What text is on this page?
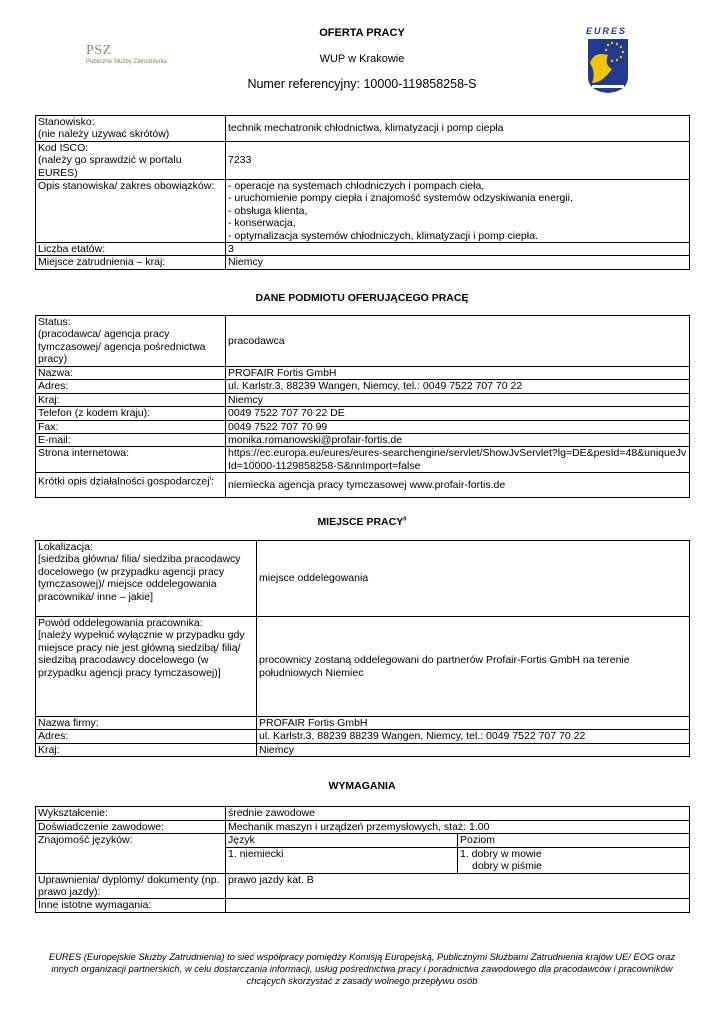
OFERTA PRACY
WUP w Krakowie
Numer referencyjny: 10000-119858258-S
PSZ
Publiczne Służby Zatrudnienia
EURES
Stanowisko:
(nie należy używać skrótów)	technik mechatronik chłodnictwa, klimatyzacji i pomp ciepła
Kod ISCO:
(należy go sprawdzić w portalu EURES)	7233
Opis stanowiska/ zakres obowiązków:	- operacje na systemach chłodniczych i pompach cieła,
- uruchomienie pompy ciepła i znajomość systemów odzyskiwania energii,
- obsługa klienta,
- konserwacja,
- optymalizacja systemów chłodniczych, klimatyzacji i pomp ciepła.

Liczba etatów:	3
Miejsce zatrudnienia – kraj:	Niemcy
DANE PODMIOTU OFERUJĄCEGO PRACĘ
Status:
(pracodawca/ agencja pracy tymczasowej/ agencja pośrednictwa pracy)	pracodawca
Nazwa:	PROFAIR Fortis GmbH
Adres:	ul. Karlstr.3, 88239 Wangen, Niemcy, tel.: 0049 7522 707 70 22
Kraj:	Niemcy
Telefon (z kodem kraju):	0049 7522 707 70 22 DE
Fax:	0049 7522 707 70 99
E-mail:	monika.romanowski@profair-fortis.de
Strona internetowa:	https://ec.europa.eu/eures/eures-searchengine/servlet/ShowJvServlet?lg=DE&pesId=48&uniqueJvId=10000-1129858258-S&nnImport=false
Krótki opis działalności gospodarczej$^i$:	niemiecka agencja pracy tymczasowej www.profair-fortis.de
MIEJSCE PRACY$^{ii}$
Lokalizacja:
[siedziba główna/ filia/ siedziba pracodawcy docelowego (w przypadku agencji pracy tymczasowej)/ miejsce oddelegowania pracownika/ inne – jakie]	miejsce oddelegowania
Powód oddelegowania pracownika:
[należy wypełnić wyłącznie w przypadku gdy miejsce pracy nie jest główną siedzibą/ filią/ siedzibą pracodawcy docelowego (w przypadku agencji pracy tymczasowej)]	procownicy zostaną oddelegowani do partnerów Profair-Fortis GmbH na terenie południowych Niemiec
Nazwa firmy:	PROFAIR Fortis GmbH
Adres:	ul. Karlstr.3, 88239 88239 Wangen, Niemcy, tel.: 0049 7522 707 70 22
Kraj:	Niemcy
WYMAGANIA
Wykształcenie:	średnie zawodowe	
Doświadczenie zawodowe:	Mechanik maszyn i urządzeń przemysłowych, staż: 1.00	
Znajomość języków:	Język	Poziom
	1. niemiecki	1. dobry w mowie
dobry w piśmie

Uprawnienia/ dyplomy/ dokumenty (np. prawo jazdy):	prawo jazdy kat. B	
Inne istotne wymagania:		
EURES (Europejskie Służby Zatrudnienia) to sieć współpracy pomiędzy Komisją Europejską, Publicznymi Służbami Zatrudnienia krajów UE/ EOG oraz innych organizacji partnerskich, w celu dostarczania informacji, usług pośrednictwa pracy i poradnictwa zawodowego dla pracodawców i pracowników chcących skorzystać z zasady wolnego przepływu osób
